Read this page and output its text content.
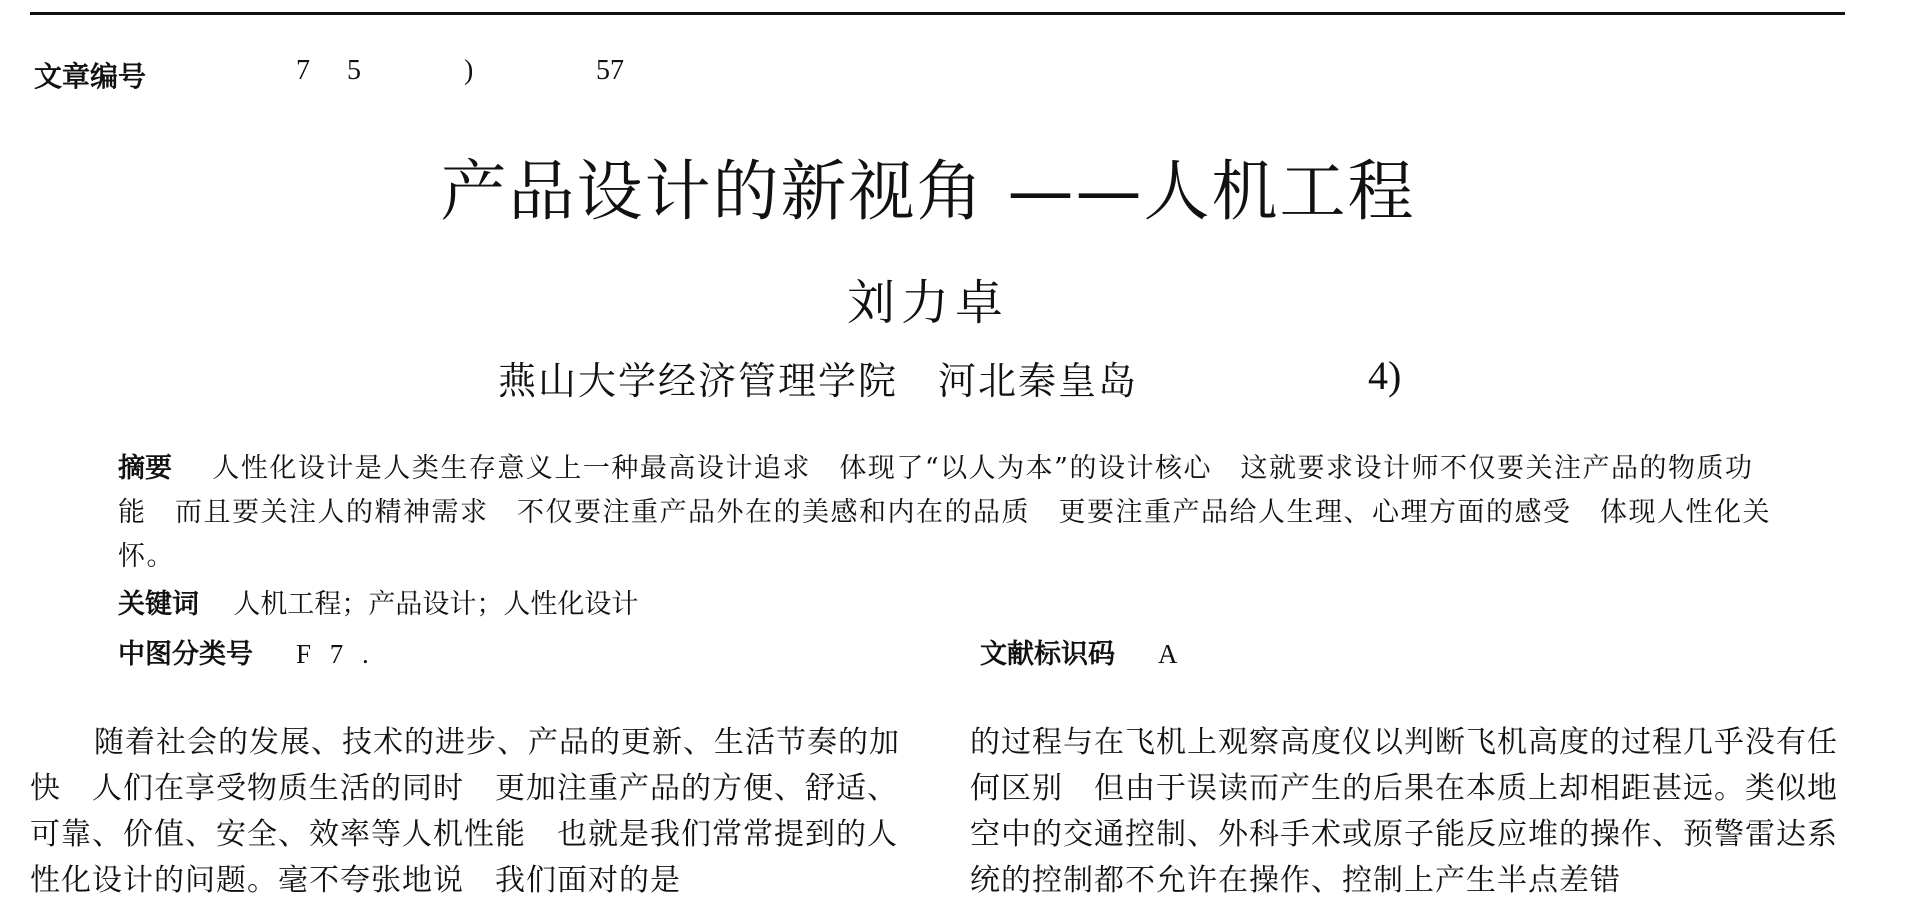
文章编号	7 5	)	57
产品设计的新视角 ——人机工程
刘力卓
燕山大学经济管理学院　河北秦皇岛	4)
摘要 人性化设计是人类生存意义上一种最高设计追求　体现了“以人为本”的设计核心　这就要求设计师不仅要关注产品的物质功能　而且要关注人的精神需求　不仅要注重产品外在的美感和内在的品质　更要注重产品给人生理、心理方面的感受　体现人性化关怀。
关键词 人机工程；产品设计；人性化设计
中图分类号 F 7 .	文献标识码 A

随着社会的发展、技术的进步、产品的更新、生活节奏的加快　人们在享受物质生活的同时　更加注重产品的方便、舒适、可靠、价值、安全、效率等人机性能　也就是我们常常提到的人性化设计的问题。毫不夸张地说　我们面对的是

的过程与在飞机上观察高度仪以判断飞机高度的过程几乎没有任何区别　但由于误读而产生的后果在本质上却相距甚远。类似地　空中的交通控制、外科手术或原子能反应堆的操作、预警雷达系统的控制都不允许在操作、控制上产生半点差错
